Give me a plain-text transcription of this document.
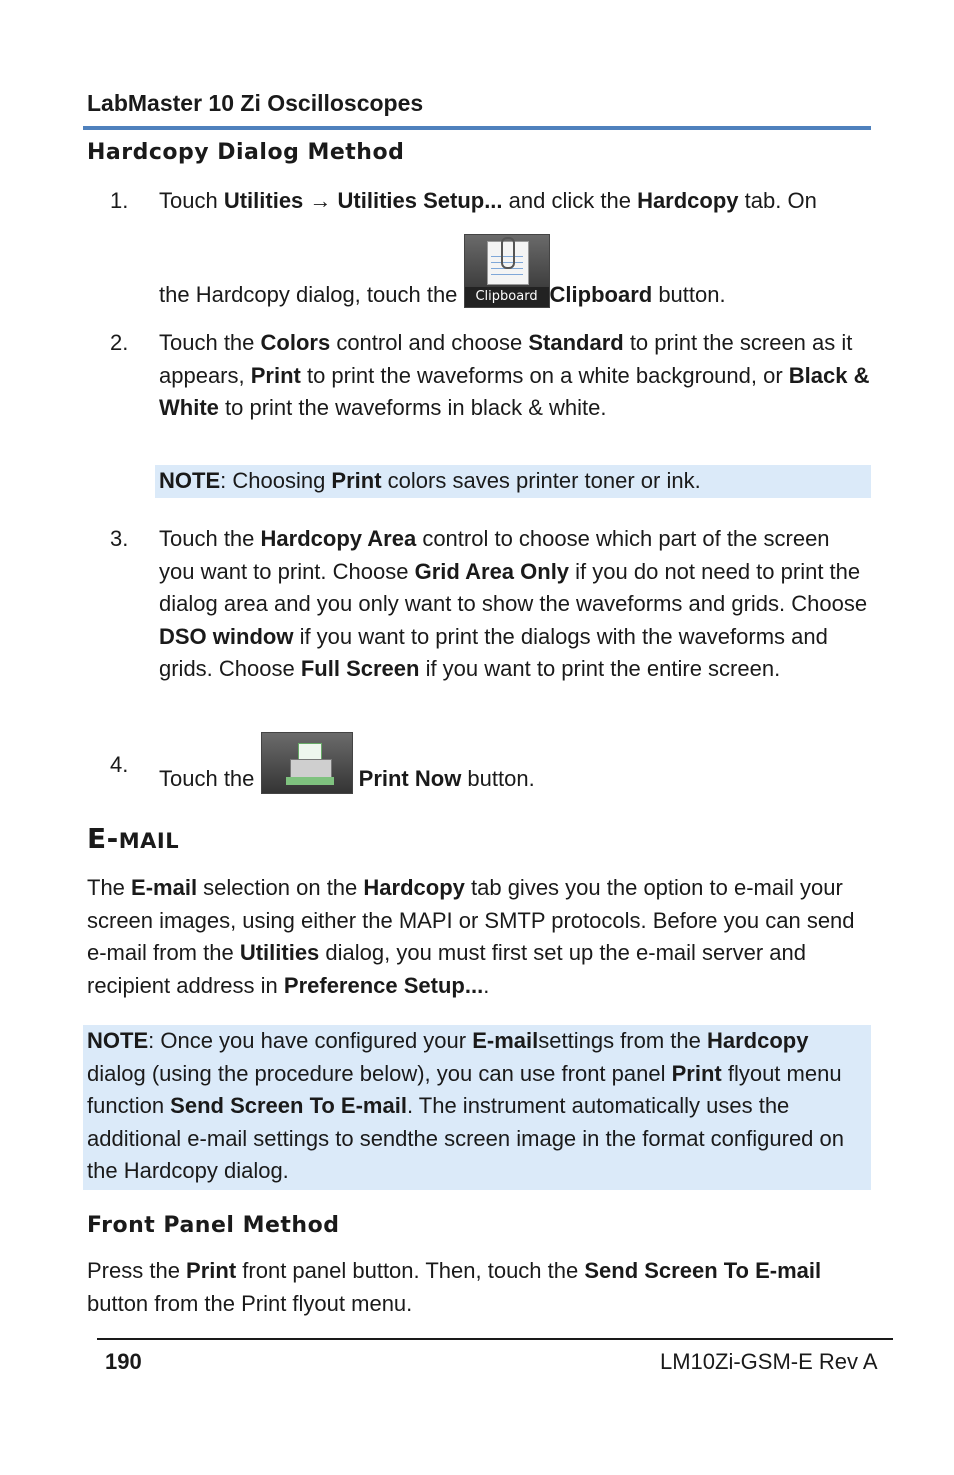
LabMaster 10 Zi Oscilloscopes
Hardcopy Dialog Method
1. Touch Utilities → Utilities Setup... and click the Hardcopy tab. On

the Hardcopy dialog, touch the Clipboard Clipboard button.

2. Touch the Colors control and choose Standard to print the screen as it appears, Print to print the waveforms on a white background, or Black & White to print the waveforms in black & white.

NOTE: Choosing Print colors saves printer toner or ink.
3. Touch the Hardcopy Area control to choose which part of the screen you want to print. Choose Grid Area Only if you do not need to print the dialog area and you only want to show the waveforms and grids. Choose DSO window if you want to print the dialogs with the waveforms and grids. Choose Full Screen if you want to print the entire screen.

4.

Touch the	Print Now button.

E-MAIL
The E-mail selection on the Hardcopy tab gives you the option to e-mail your screen images, using either the MAPI or SMTP protocols. Before you can send e-mail from the Utilities dialog, you must first set up the e-mail server and recipient address in Preference Setup....
NOTE: Once you have configured your E-mailsettings from the Hardcopy dialog (using the procedure below), you can use front panel Print flyout menu function Send Screen To E-mail. The instrument automatically uses the additional e-mail settings to sendthe screen image in the format configured on the Hardcopy dialog.
Front Panel Method
Press the Print front panel button. Then, touch the Send Screen To E-mail button from the Print flyout menu.
190	LM10Zi-GSM-E Rev A
